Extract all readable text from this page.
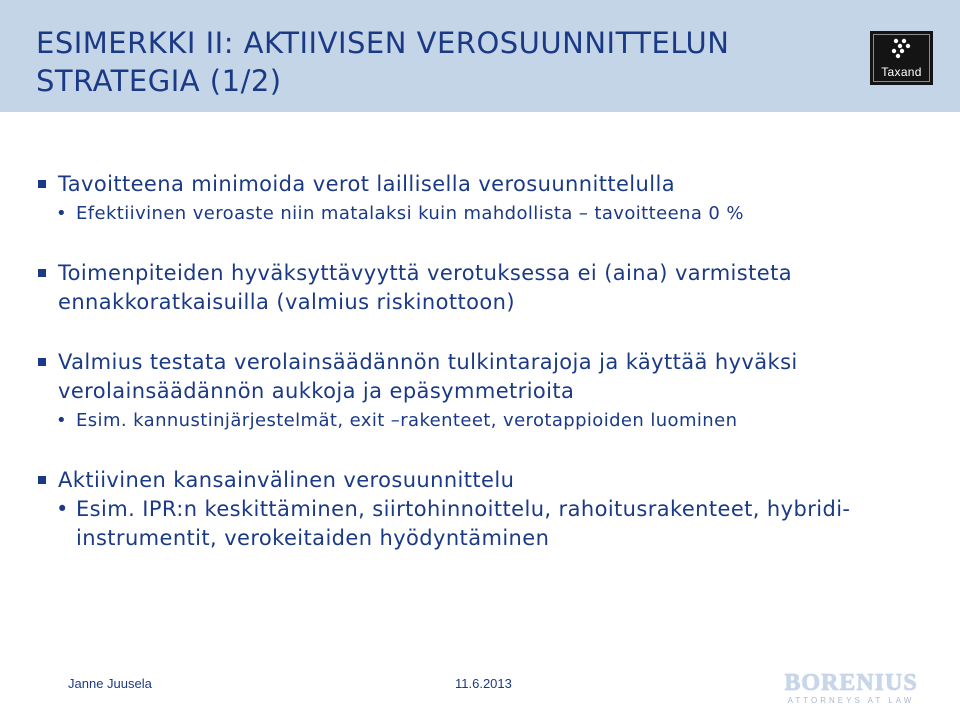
ESIMERKKI II: AKTIIVISEN VEROSUUNNITTELUN STRATEGIA (1/2)	Taxand
Tavoitteena minimoida verot laillisella verosuunnittelulla
• Efektiivinen veroaste niin matalaksi kuin mahdollista – tavoitteena 0 %
Toimenpiteiden hyväksyttävyyttä verotuksessa ei (aina) varmisteta ennakkoratkaisuilla (valmius riskinottoon)
Valmius testata verolainsäädännön tulkintarajoja ja käyttää hyväksi verolainsäädännön aukkoja ja epäsymmetrioita
• Esim. kannustinjärjestelmät, exit –rakenteet, verotappioiden luominen
Aktiivinen kansainvälinen verosuunnittelu
• Esim. IPR:n keskittäminen, siirtohinnoittelu, rahoitusrakenteet, hybridi-instrumentit, verokeitaiden hyödyntäminen
Janne Juusela	11.6.2013	BORENIUS
ATTORNEYS AT LAW
